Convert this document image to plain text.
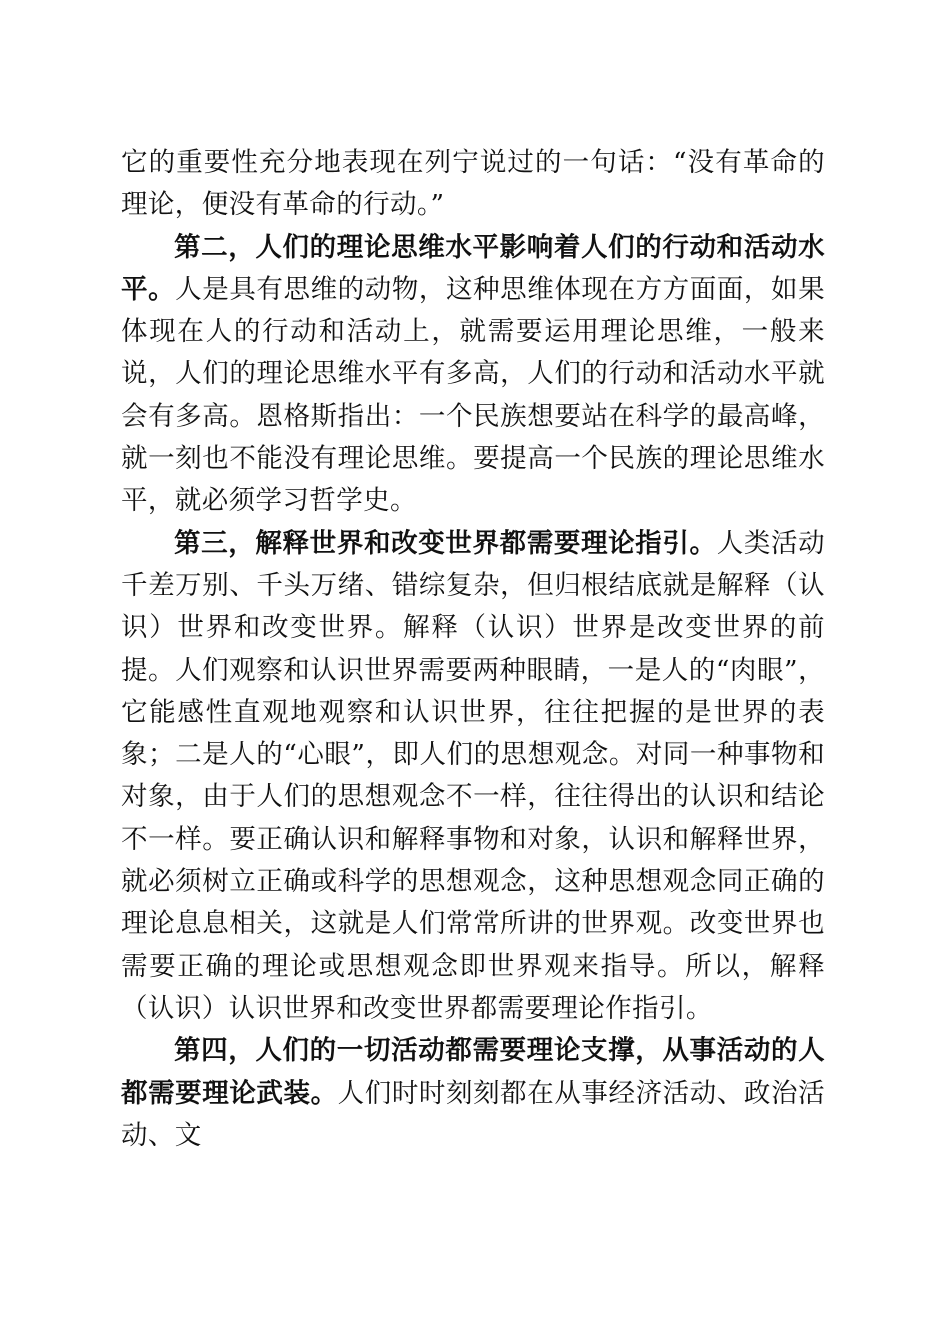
它的重要性充分地表现在列宁说过的一句话：“没有革命的理论，便没有革命的行动。”

第二，人们的理论思维水平影响着人们的行动和活动水平。人是具有思维的动物，这种思维体现在方方面面，如果体现在人的行动和活动上，就需要运用理论思维，一般来说，人们的理论思维水平有多高，人们的行动和活动水平就会有多高。恩格斯指出：一个民族想要站在科学的最高峰，就一刻也不能没有理论思维。要提高一个民族的理论思维水平，就必须学习哲学史。

第三，解释世界和改变世界都需要理论指引。人类活动千差万别、千头万绪、错综复杂，但归根结底就是解释（认识）世界和改变世界。解释（认识）世界是改变世界的前提。人们观察和认识世界需要两种眼睛，一是人的“肉眼”，它能感性直观地观察和认识世界，往往把握的是世界的表象；二是人的“心眼”，即人们的思想观念。对同一种事物和对象，由于人们的思想观念不一样，往往得出的认识和结论不一样。要正确认识和解释事物和对象，认识和解释世界，就必须树立正确或科学的思想观念，这种思想观念同正确的理论息息相关，这就是人们常常所讲的世界观。改变世界也需要正确的理论或思想观念即世界观来指导。所以，解释（认识）认识世界和改变世界都需要理论作指引。

第四，人们的一切活动都需要理论支撑，从事活动的人都需要理论武装。人们时时刻刻都在从事经济活动、政治活动、文
